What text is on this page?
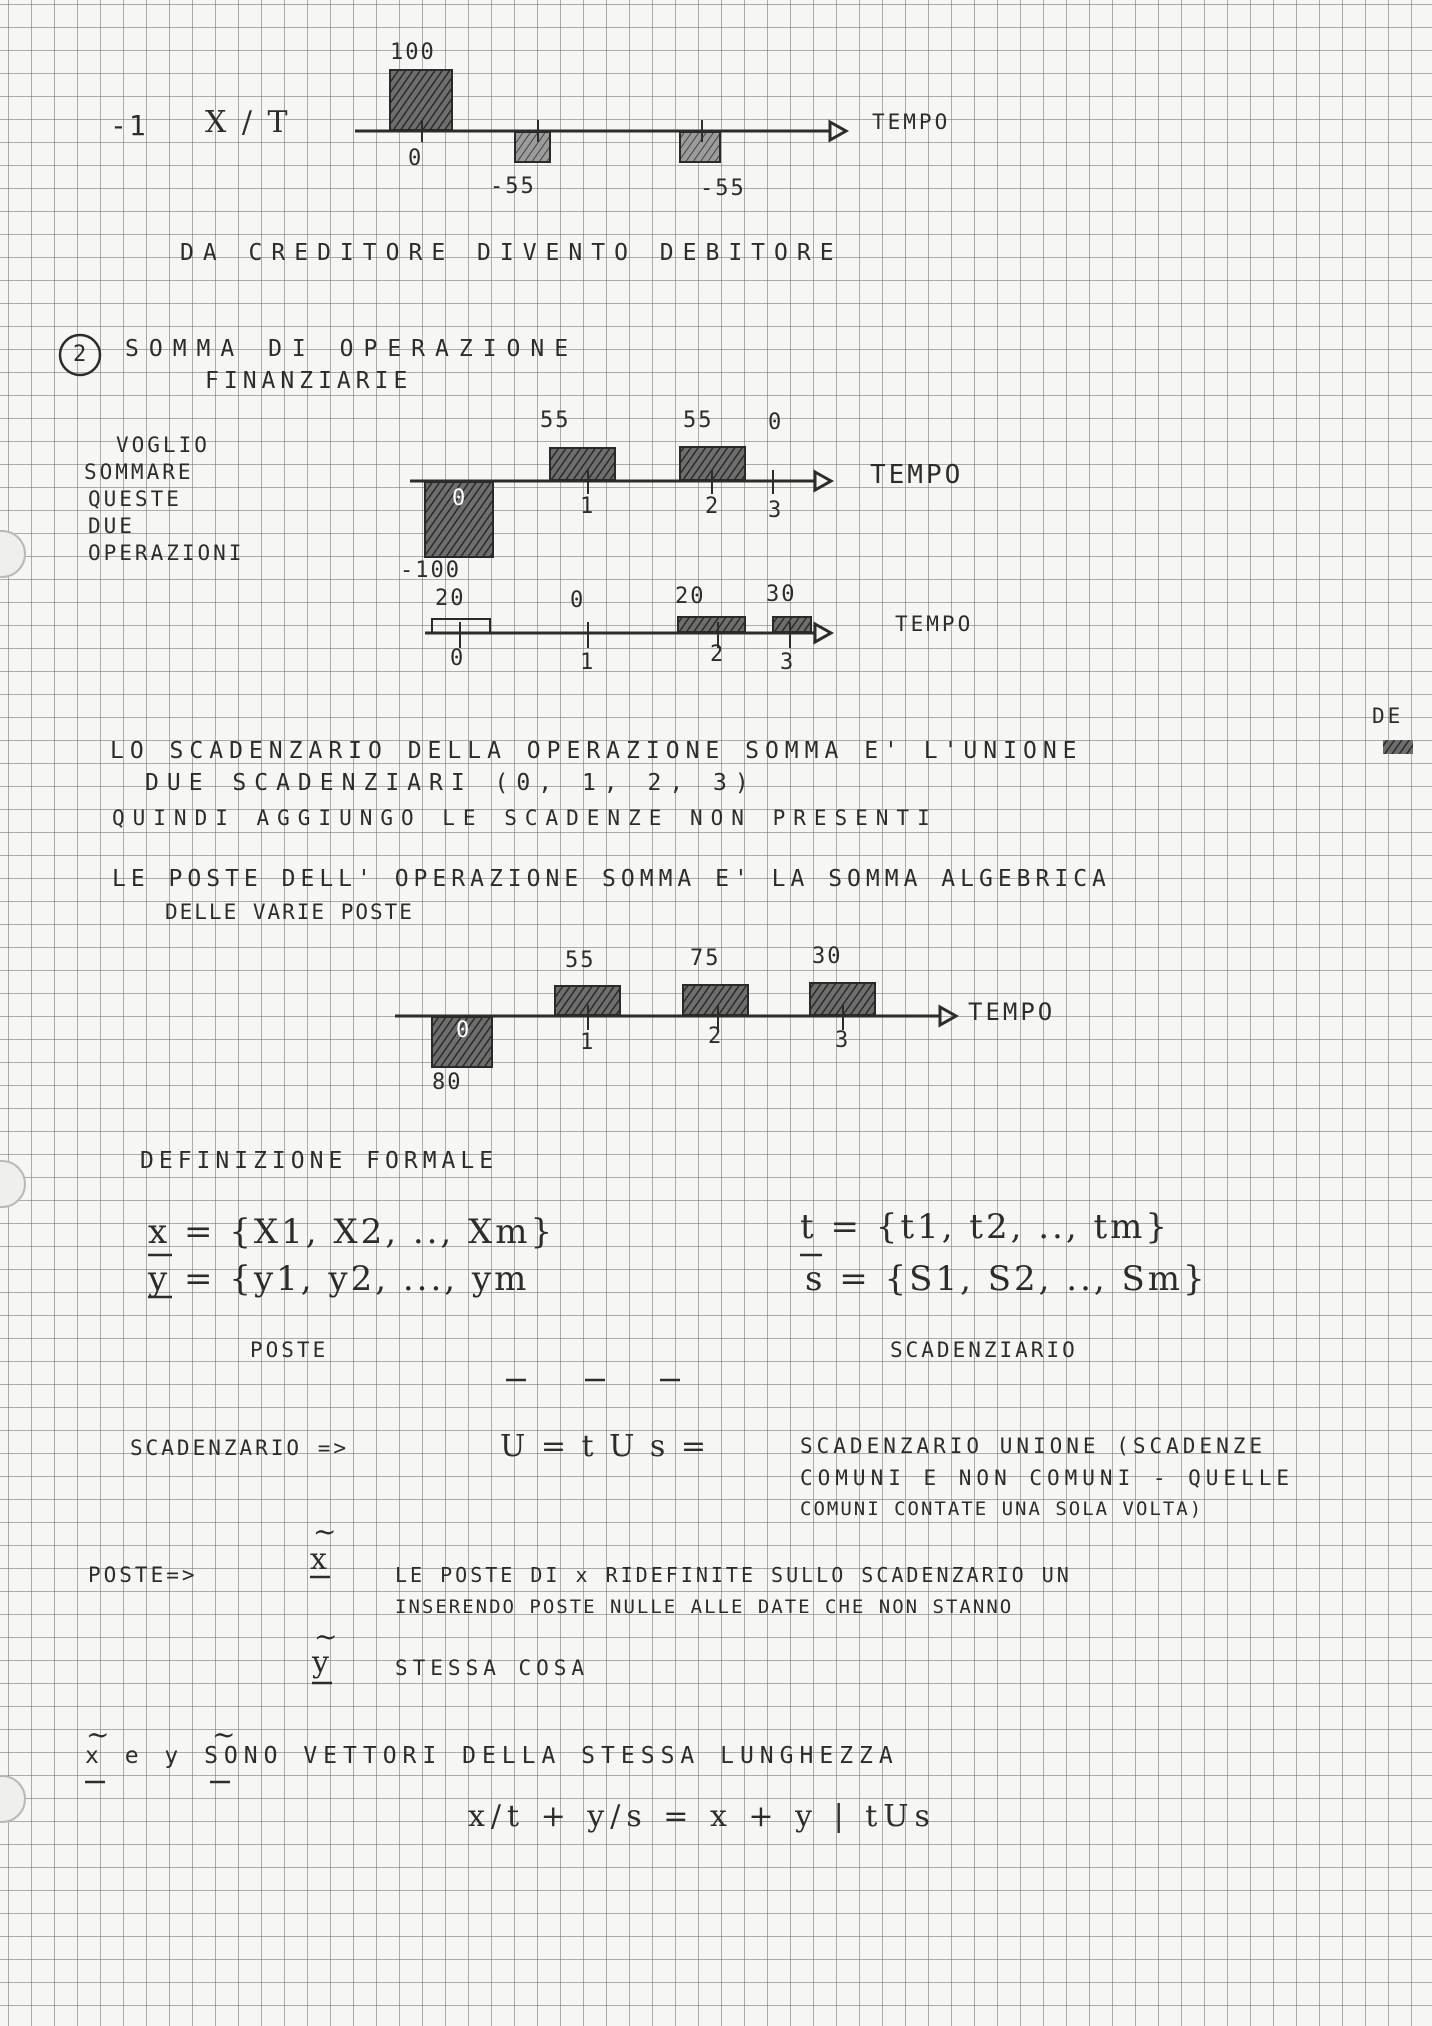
-1 X / T
100
0
-55	-55
TEMPO
DA CREDITORE DIVENTO DEBITORE
2 SOMMA DI OPERAZIONE
FINANZIARIE
VOGLIO
SOMMARE
QUESTE
DUE
OPERAZIONI
55	55 0
0	1	2 3
-100
TEMPO
20	0	20	30
0	1	2 3
TEMPO
LO SCADENZARIO DELLA OPERAZIONE SOMMA E' L'UNIONE
DE
DUE SCADENZIARI (0, 1, 2, 3)
QUINDI AGGIUNGO LE SCADENZE NON PRESENTI
LE POSTE DELL' OPERAZIONE SOMMA E' LA SOMMA ALGEBRICA
DELLE VARIE POSTE
55	75	30
0	1	2	3
80
TEMPO
DEFINIZIONE FORMALE
x = {X1, X2, .., Xm}	t = {t1, t2, .., tm}
y = {y1, y2, ..., ym	s = {S1, S2, .., Sm}
POSTE	SCADENZIARIO
SCADENZARIO =>	U = t U s =	SCADENZARIO UNIONE (SCADENZE
COMUNI E NON COMUNI - QUELLE
COMUNI CONTATE UNA SOLA VOLTA)
POSTE=>
~
x	LE POSTE DI x RIDEFINITE SULLO SCADENZARIO UN
INSERENDO POSTE NULLE ALLE DATE CHE NON STANNO
~
y	STESSA COSA
~	~
x e y SONO VETTORI DELLA STESSA LUNGHEZZA
x/t + y/s = x + y | tUs
